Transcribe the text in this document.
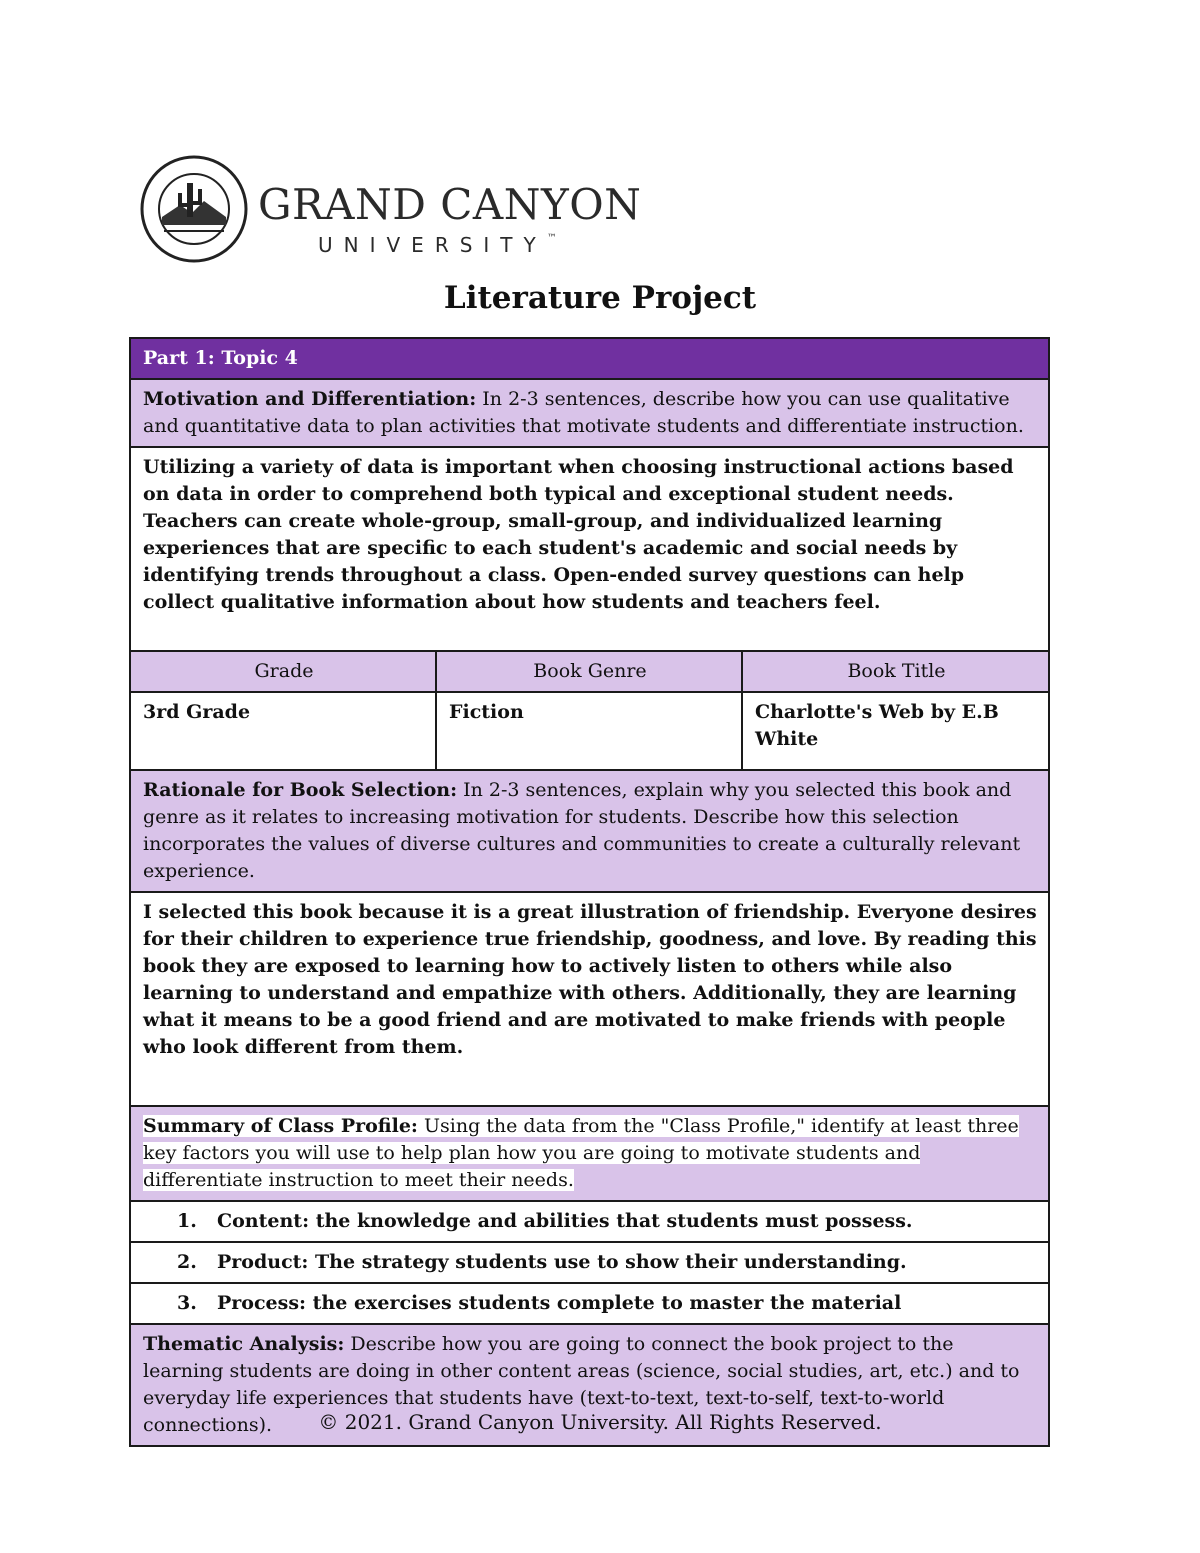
GRAND CANYON
UNIVERSITY™
Literature Project
Part 1: Topic 4		
Motivation and Differentiation: In 2-3 sentences, describe how you can use qualitative and quantitative data to plan activities that motivate students and differentiate instruction.		
Utilizing a variety of data is important when choosing instructional actions based on data in order to comprehend both typical and exceptional student needs. Teachers can create whole-group, small-group, and individualized learning experiences that are specific to each student's academic and social needs by identifying trends throughout a class. Open-ended survey questions can help collect qualitative information about how students and teachers feel.		
Grade	Book Genre	Book Title
3rd Grade	Fiction	Charlotte's Web by E.B White
Rationale for Book Selection: In 2-3 sentences, explain why you selected this book and genre as it relates to increasing motivation for students. Describe how this selection incorporates the values of diverse cultures and communities to create a culturally relevant experience.		
I selected this book because it is a great illustration of friendship. Everyone desires for their children to experience true friendship, goodness, and love. By reading this book they are exposed to learning how to actively listen to others while also learning to understand and empathize with others. Additionally, they are learning what it means to be a good friend and are motivated to make friends with people who look different from them.		
Summary of Class Profile: Using the data from the "Class Profile," identify at least three key factors you will use to help plan how you are going to motivate students and differentiate instruction to meet their needs.		
1. Content: the knowledge and abilities that students must possess.		
2. Product: The strategy students use to show their understanding.		
3. Process: the exercises students complete to master the material		
Thematic Analysis: Describe how you are going to connect the book project to the learning students are doing in other content areas (science, social studies, art, etc.) and to everyday life experiences that students have (text-to-text, text-to-self, text-to-world connections).			© 2021. Grand Canyon University. All Rights Reserved.
